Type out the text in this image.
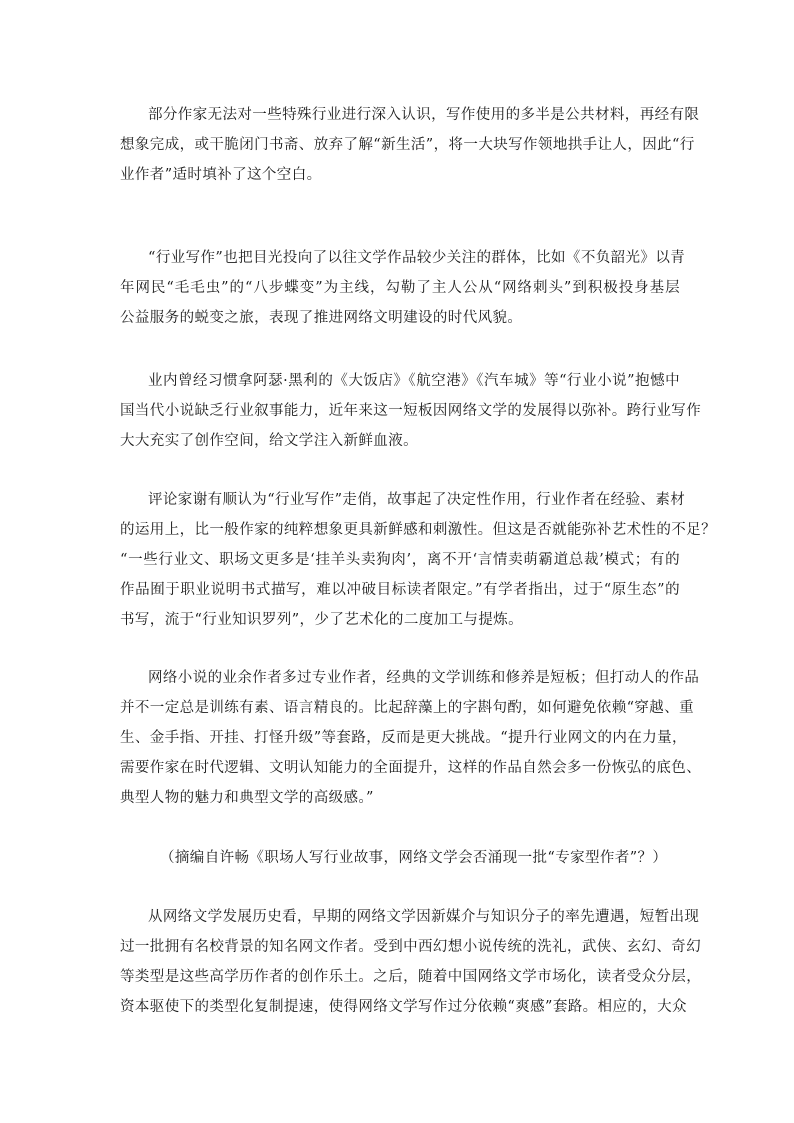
部分作家无法对一些特殊行业进行深入认识，写作使用的多半是公共材料，再经有限
想象完成，或干脆闭门书斋、放弃了解“新生活”，将一大块写作领地拱手让人，因此“行
业作者”适时填补了这个空白。
“行业写作”也把目光投向了以往文学作品较少关注的群体，比如《不负韶光》以青
年网民“毛毛虫”的“八步蝶变”为主线，勾勒了主人公从“网络刺头”到积极投身基层
公益服务的蜕变之旅，表现了推进网络文明建设的时代风貌。
业内曾经习惯拿阿瑟·黑利的《大饭店》《航空港》《汽车城》等“行业小说”抱憾中
国当代小说缺乏行业叙事能力，近年来这一短板因网络文学的发展得以弥补。跨行业写作
大大充实了创作空间，给文学注入新鲜血液。
评论家谢有顺认为“行业写作”走俏，故事起了决定性作用，行业作者在经验、素材
的运用上，比一般作家的纯粹想象更具新鲜感和刺激性。但这是否就能弥补艺术性的不足？
“一些行业文、职场文更多是‘挂羊头卖狗肉’，离不开‘言情卖萌霸道总裁’模式；有的
作品囿于职业说明书式描写，难以冲破目标读者限定。”有学者指出，过于“原生态”的
书写，流于“行业知识罗列”，少了艺术化的二度加工与提炼。
网络小说的业余作者多过专业作者，经典的文学训练和修养是短板；但打动人的作品
并不一定总是训练有素、语言精良的。比起辞藻上的字斟句酌，如何避免依赖“穿越、重
生、金手指、开挂、打怪升级”等套路，反而是更大挑战。“提升行业网文的内在力量，
需要作家在时代逻辑、文明认知能力的全面提升，这样的作品自然会多一份恢弘的底色、
典型人物的魅力和典型文学的高级感。”
（摘编自许畅《职场人写行业故事，网络文学会否涌现一批“专家型作者”？）
从网络文学发展历史看，早期的网络文学因新媒介与知识分子的率先遭遇，短暂出现
过一批拥有名校背景的知名网文作者。受到中西幻想小说传统的洗礼，武侠、玄幻、奇幻
等类型是这些高学历作者的创作乐土。之后，随着中国网络文学市场化，读者受众分层，
资本驱使下的类型化复制提速，使得网络文学写作过分依赖“爽感”套路。相应的，大众
